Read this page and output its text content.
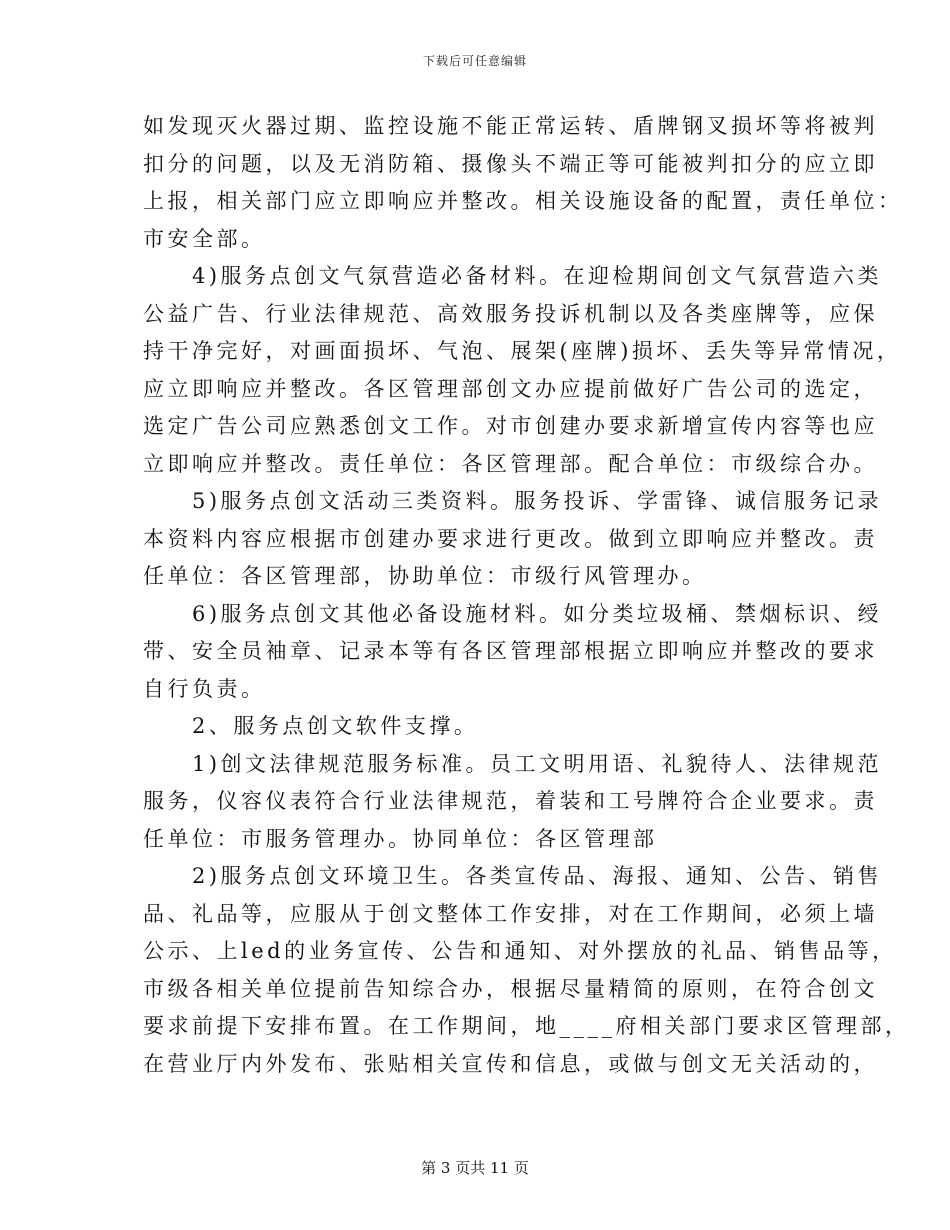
下载后可任意编辑
如发现灭火器过期、监控设施不能正常运转、盾牌钢叉损坏等将被判
扣分的问题，以及无消防箱、摄像头不端正等可能被判扣分的应立即
上报，相关部门应立即响应并整改。相关设施设备的配置，责任单位：
市安全部。
　　4)服务点创文气氛营造必备材料。在迎检期间创文气氛营造六类
公益广告、行业法律规范、高效服务投诉机制以及各类座牌等，应保
持干净完好，对画面损坏、气泡、展架(座牌)损坏、丢失等异常情况，
应立即响应并整改。各区管理部创文办应提前做好广告公司的选定，
选定广告公司应熟悉创文工作。对市创建办要求新增宣传内容等也应
立即响应并整改。责任单位：各区管理部。配合单位：市级综合办。
　　5)服务点创文活动三类资料。服务投诉、学雷锋、诚信服务记录
本资料内容应根据市创建办要求进行更改。做到立即响应并整改。责
任单位：各区管理部，协助单位：市级行风管理办。
　　6)服务点创文其他必备设施材料。如分类垃圾桶、禁烟标识、绶
带、安全员袖章、记录本等有各区管理部根据立即响应并整改的要求
自行负责。
　　2、服务点创文软件支撑。
　　1)创文法律规范服务标准。员工文明用语、礼貌待人、法律规范
服务，仪容仪表符合行业法律规范，着装和工号牌符合企业要求。责
任单位：市服务管理办。协同单位：各区管理部
　　2)服务点创文环境卫生。各类宣传品、海报、通知、公告、销售
品、礼品等，应服从于创文整体工作安排，对在工作期间，必须上墙
公示、上led的业务宣传、公告和通知、对外摆放的礼品、销售品等，
市级各相关单位提前告知综合办，根据尽量精简的原则，在符合创文
要求前提下安排布置。在工作期间，地____府相关部门要求区管理部，
在营业厅内外发布、张贴相关宣传和信息，或做与创文无关活动的，
第 3 页共 11 页
